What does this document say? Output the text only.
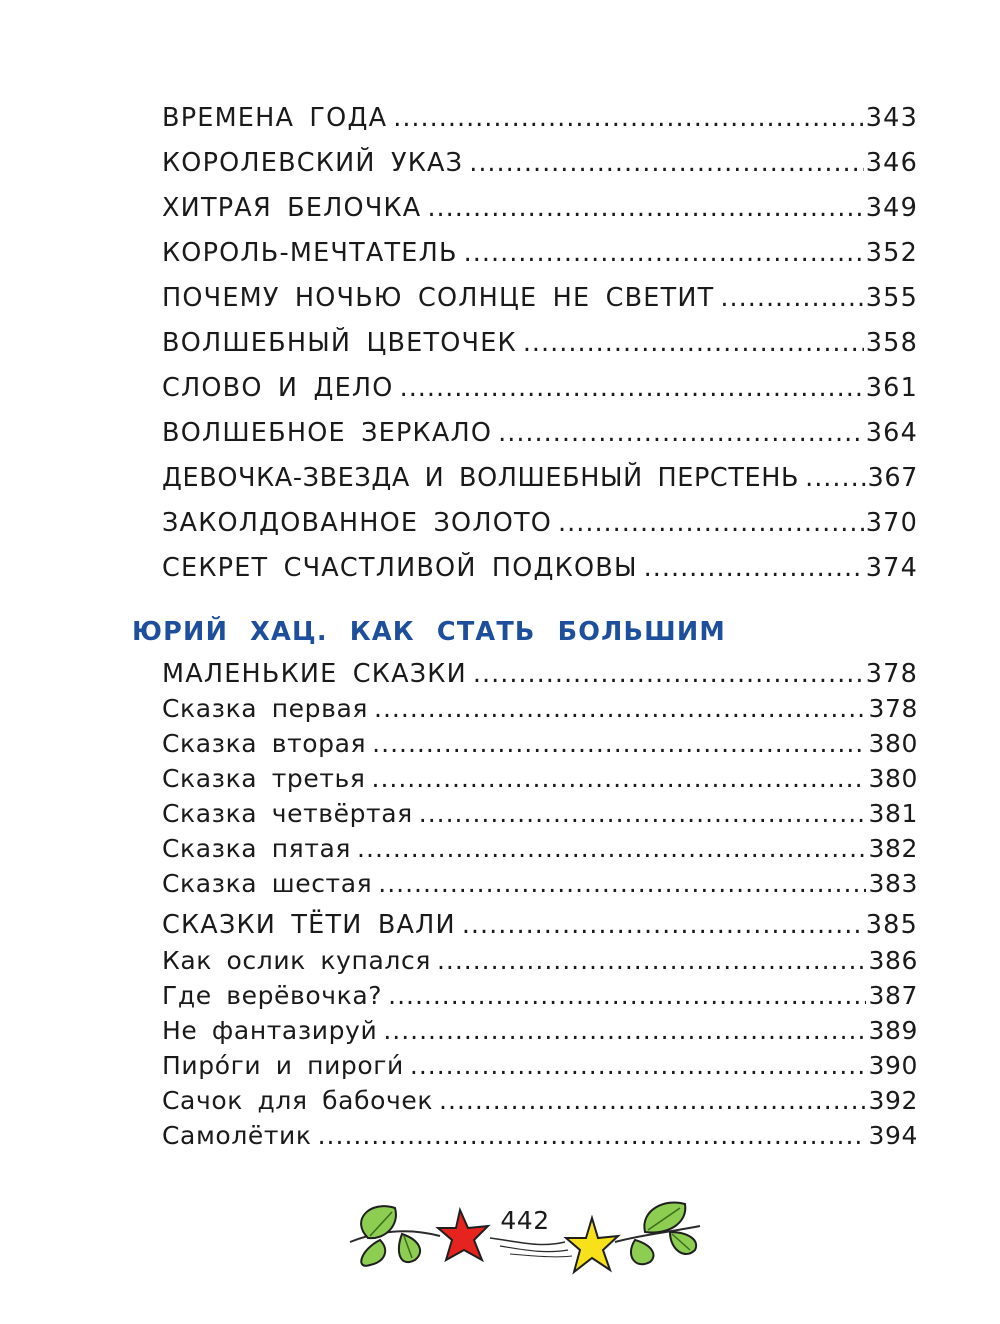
ВРЕМЕНА ГОДА .....	343
КОРОЛЕВСКИЙ УКАЗ .....	346
ХИТРАЯ БЕЛОЧКА .....	349
КОРОЛЬ-МЕЧТАТЕЛЬ .....	352
ПОЧЕМУ НОЧЬЮ СОЛНЦЕ НЕ СВЕТИТ .....	355
ВОЛШЕБНЫЙ ЦВЕТОЧЕК .....	358
СЛОВО И ДЕЛО .....	361
ВОЛШЕБНОЕ ЗЕРКАЛО .....	364
ДЕВОЧКА-ЗВЕЗДА И ВОЛШЕБНЫЙ ПЕРСТЕНЬ .....	367
ЗАКОЛДОВАННОЕ ЗОЛОТО .....	370
СЕКРЕТ СЧАСТЛИВОЙ ПОДКОВЫ .....	374
МАЛЕНЬКИЕ СКАЗКИ .....	378
Сказка первая .....	378
Сказка вторая .....	380
Сказка третья .....	380
Сказка четвёртая .....	381
Сказка пятая .....	382
Сказка шестая .....	383
СКАЗКИ ТЁТИ ВАЛИ .....	385
Как ослик купался .....	386
Где верёвочка? .....	387
Не фантазируй .....	389
Пиро́ги и пироги́ .....	390
Сачок для бабочек .....	392
Самолётик .....	394
ЮРИЙ ХАЦ. КАК СТАТЬ БОЛЬШИМ
442
